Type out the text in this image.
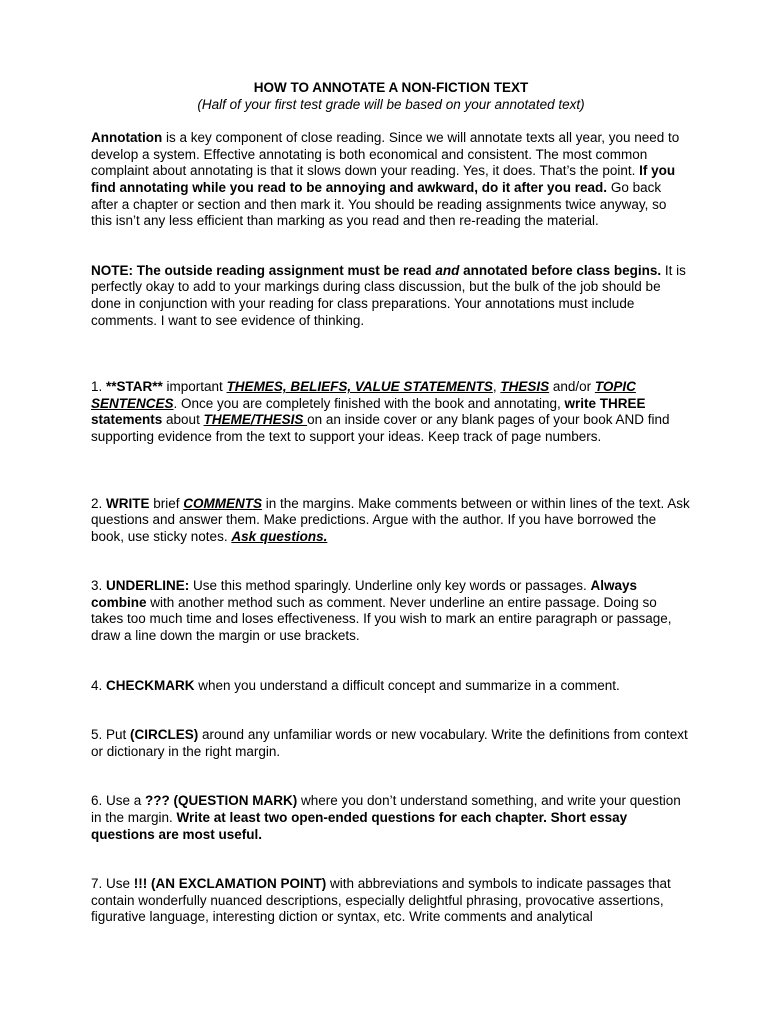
HOW TO ANNOTATE A NON-FICTION TEXT

(Half of your first test grade will be based on your annotated text)

Annotation is a key component of close reading. Since we will annotate texts all year, you need to develop a system. Effective annotating is both economical and consistent. The most common complaint about annotating is that it slows down your reading. Yes, it does. That’s the point. If you find annotating while you read to be annoying and awkward, do it after you read. Go back after a chapter or section and then mark it. You should be reading assignments twice anyway, so this isn’t any less efficient than marking as you read and then re-reading the material.

NOTE: The outside reading assignment must be read and annotated before class begins. It is perfectly okay to add to your markings during class discussion, but the bulk of the job should be done in conjunction with your reading for class preparations. Your annotations must include comments. I want to see evidence of thinking.

1. **STAR** important THEMES, BELIEFS, VALUE STATEMENTS, THESIS and/or TOPIC SENTENCES. Once you are completely finished with the book and annotating, write THREE statements about THEME/THESIS on an inside cover or any blank pages of your book AND find supporting evidence from the text to support your ideas. Keep track of page numbers.

2. WRITE brief COMMENTS in the margins. Make comments between or within lines of the text. Ask questions and answer them. Make predictions. Argue with the author. If you have borrowed the book, use sticky notes. Ask questions.

3. UNDERLINE: Use this method sparingly. Underline only key words or passages. Always combine with another method such as comment. Never underline an entire passage. Doing so takes too much time and loses effectiveness. If you wish to mark an entire paragraph or passage, draw a line down the margin or use brackets.

4. CHECKMARK when you understand a difficult concept and summarize in a comment.

5. Put (CIRCLES) around any unfamiliar words or new vocabulary. Write the definitions from context or dictionary in the right margin.

6. Use a ??? (QUESTION MARK) where you don’t understand something, and write your question in the margin. Write at least two open-ended questions for each chapter. Short essay questions are most useful.

7. Use !!! (AN EXCLAMATION POINT) with abbreviations and symbols to indicate passages that contain wonderfully nuanced descriptions, especially delightful phrasing, provocative assertions, figurative language, interesting diction or syntax, etc. Write comments and analytical
